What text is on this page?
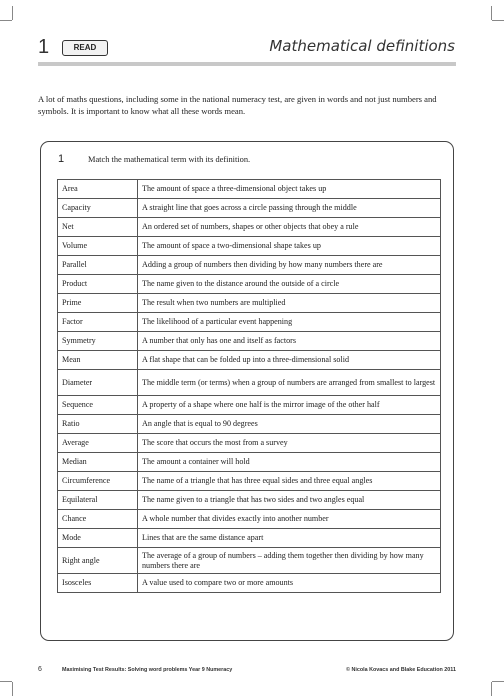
1	READ	Mathematical definitions
A lot of maths questions, including some in the national numeracy test, are given in words and not just numbers and symbols. It is important to know what all these words mean.
1	Match the mathematical term with its definition.
Area	The amount of space a three-dimensional object takes up
Capacity	A straight line that goes across a circle passing through the middle
Net	An ordered set of numbers, shapes or other objects that obey a rule
Volume	The amount of space a two-dimensional shape takes up
Parallel	Adding a group of numbers then dividing by how many numbers there are
Product	The name given to the distance around the outside of a circle
Prime	The result when two numbers are multiplied
Factor	The likelihood of a particular event happening
Symmetry	A number that only has one and itself as factors
Mean	A flat shape that can be folded up into a three-dimensional solid
Diameter	The middle term (or terms) when a group of numbers are arranged from smallest to largest
Sequence	A property of a shape where one half is the mirror image of the other half
Ratio	An angle that is equal to 90 degrees
Average	The score that occurs the most from a survey
Median	The amount a container will hold
Circumference	The name of a triangle that has three equal sides and three equal angles
Equilateral	The name given to a triangle that has two sides and two angles equal
Chance	A whole number that divides exactly into another number
Mode	Lines that are the same distance apart
Right angle	The average of a group of numbers – adding them together then dividing by how many numbers there are
Isosceles	A value used to compare two or more amounts
6	Maximising Test Results: Solving word problems Year 9 Numeracy	© Nicola Kovacs and Blake Education 2011
